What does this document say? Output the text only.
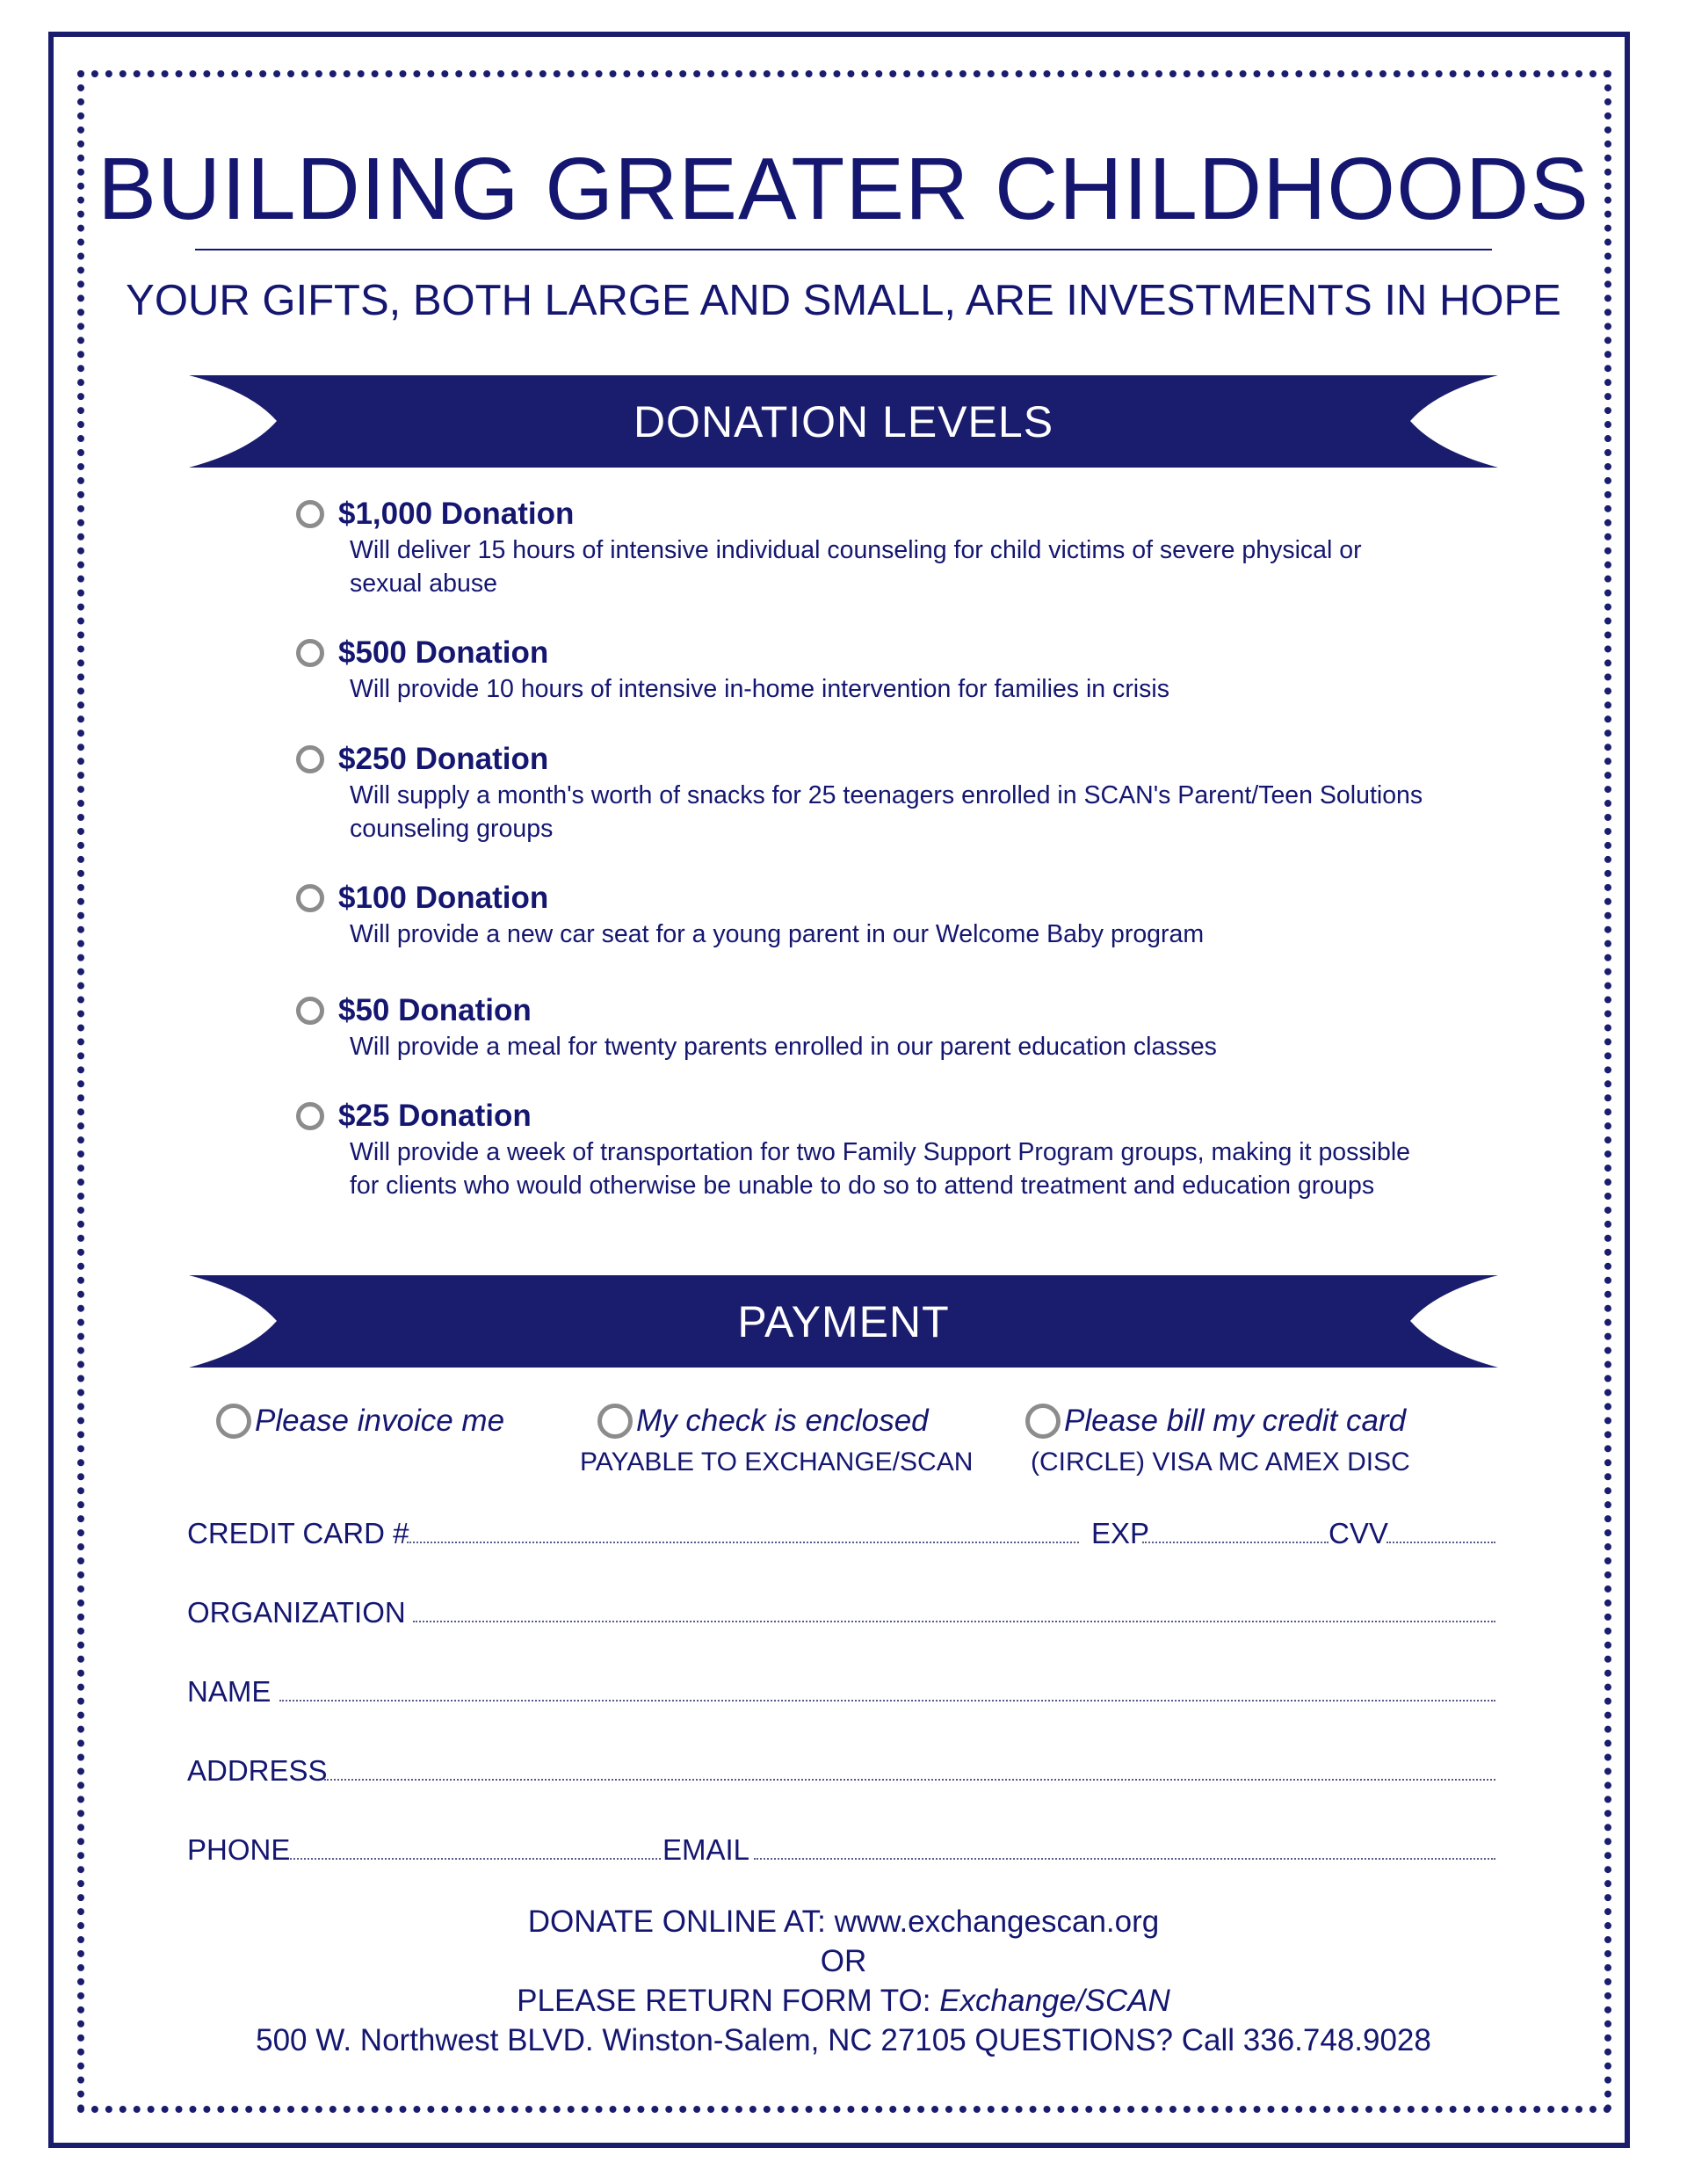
BUILDING GREATER CHILDHOODS
YOUR GIFTS, BOTH LARGE AND SMALL, ARE INVESTMENTS IN HOPE
DONATION LEVELS
$1,000 Donation
Will deliver 15 hours of intensive individual counseling for child victims of severe physical or sexual abuse
$500 Donation
Will provide 10 hours of intensive in-home intervention for families in crisis
$250 Donation
Will supply a month's worth of snacks for 25 teenagers enrolled in SCAN's Parent/Teen Solutions counseling groups
$100 Donation
Will provide a new car seat for a young parent in our Welcome Baby program
$50 Donation
Will provide a meal for twenty parents enrolled in our parent education classes
$25 Donation
Will provide a week of transportation for two Family Support Program groups, making it possible for clients who would otherwise be unable to do so to attend treatment and education groups
PAYMENT
Please invoice me	My check is enclosed
PAYABLE TO EXCHANGE/SCAN
Please bill my credit card
(CIRCLE) VISA MC AMEX DISC
CREDIT CARD #	EXP	CVV
ORGANIZATION
NAME
ADDRESS
PHONE	EMAIL
DONATE ONLINE AT: www.exchangescan.org
OR
PLEASE RETURN FORM TO: Exchange/SCAN
500 W. Northwest BLVD. Winston-Salem, NC 27105 QUESTIONS? Call 336.748.9028
